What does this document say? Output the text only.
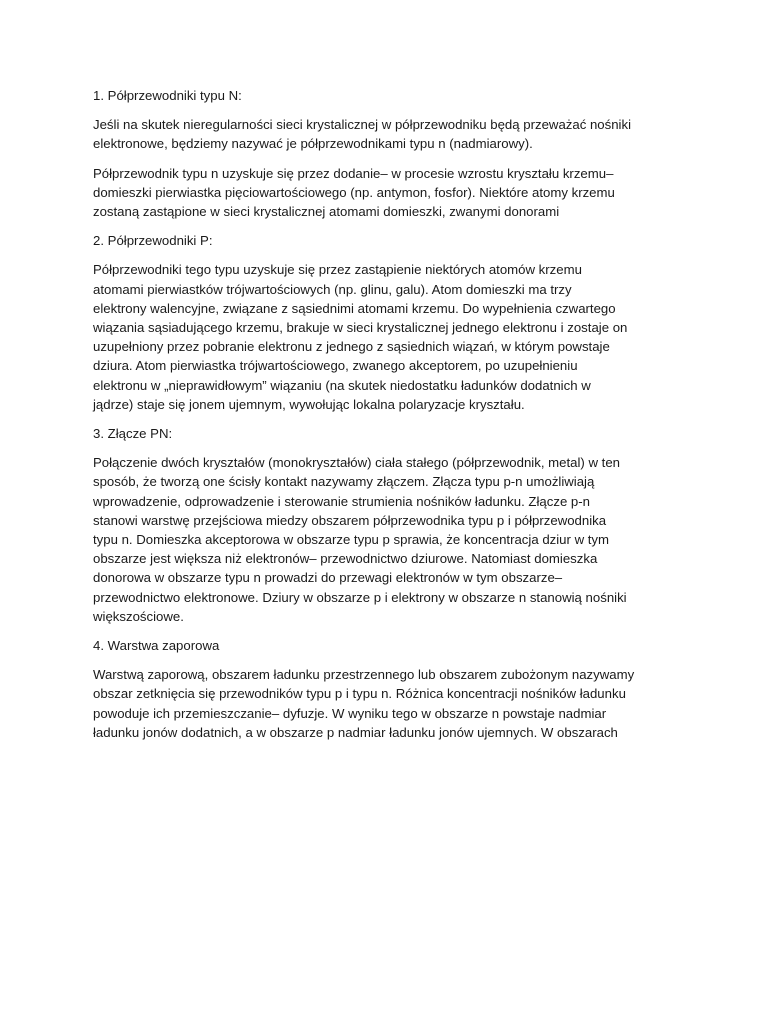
1. Półprzewodniki typu N:

Jeśli na skutek nieregularności sieci krystalicznej w półprzewodniku będą przeważać nośniki
elektronowe, będziemy nazywać je półprzewodnikami typu n (nadmiarowy).

Półprzewodnik typu n uzyskuje się przez dodanie– w procesie wzrostu kryształu krzemu–
domieszki pierwiastka pięciowartościowego (np. antymon, fosfor). Niektóre atomy krzemu
zostaną zastąpione w sieci krystalicznej atomami domieszki, zwanymi donorami

2. Półprzewodniki P:

Półprzewodniki tego typu uzyskuje się przez zastąpienie niektórych atomów krzemu
atomami pierwiastków trójwartościowych (np. glinu, galu). Atom domieszki ma trzy
elektrony walencyjne, związane z sąsiednimi atomami krzemu. Do wypełnienia czwartego
wiązania sąsiadującego krzemu, brakuje w sieci krystalicznej jednego elektronu i zostaje on
uzupełniony przez pobranie elektronu z jednego z sąsiednich wiązań, w którym powstaje
dziura. Atom pierwiastka trójwartościowego, zwanego akceptorem, po uzupełnieniu
elektronu w „nieprawidłowym” wiązaniu (na skutek niedostatku ładunków dodatnich w
jądrze) staje się jonem ujemnym, wywołując lokalna polaryzacje kryształu.

3. Złącze PN:

Połączenie dwóch kryształów (monokryształów) ciała stałego (półprzewodnik, metal) w ten
sposób, że tworzą one ścisły kontakt nazywamy złączem. Złącza typu p-n umożliwiają
wprowadzenie, odprowadzenie i sterowanie strumienia nośników ładunku. Złącze p-n
stanowi warstwę przejściowa miedzy obszarem półprzewodnika typu p i półprzewodnika
typu n. Domieszka akceptorowa w obszarze typu p sprawia, że koncentracja dziur w tym
obszarze jest większa niż elektronów– przewodnictwo dziurowe. Natomiast domieszka
donorowa w obszarze typu n prowadzi do przewagi elektronów w tym obszarze–
przewodnictwo elektronowe. Dziury w obszarze p i elektrony w obszarze n stanowią nośniki
większościowe.

4. Warstwa zaporowa

Warstwą zaporową, obszarem ładunku przestrzennego lub obszarem zubożonym nazywamy
obszar zetknięcia się przewodników typu p i typu n. Różnica koncentracji nośników ładunku
powoduje ich przemieszczanie– dyfuzje. W wyniku tego w obszarze n powstaje nadmiar
ładunku jonów dodatnich, a w obszarze p nadmiar ładunku jonów ujemnych. W obszarach
